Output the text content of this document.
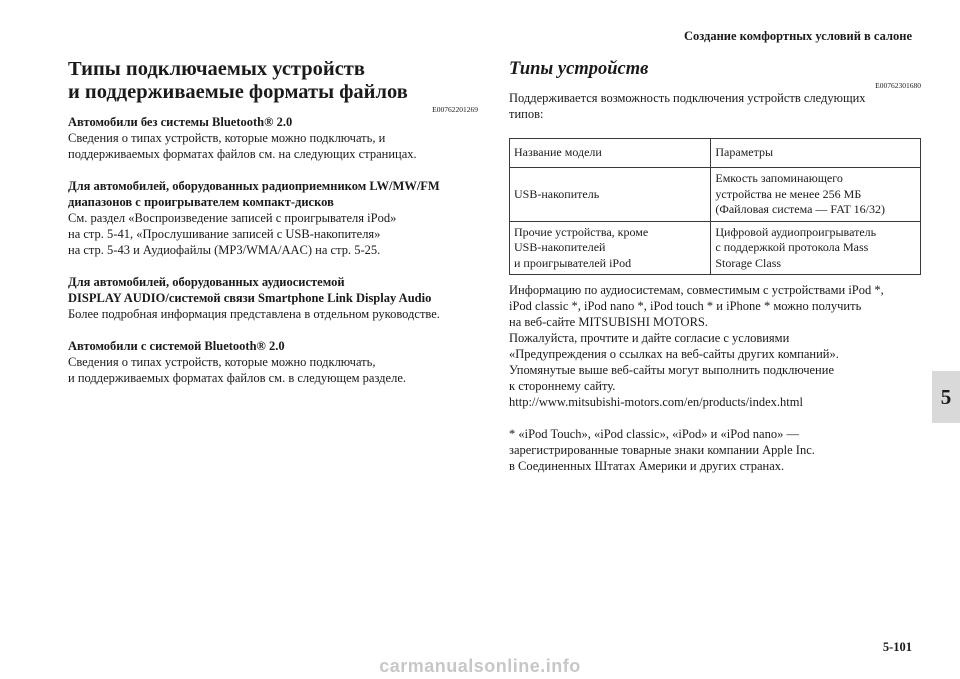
Создание комфортных условий в салоне
5
Типы подключаемых устройств
и поддерживаемые форматы файлов
E00762201269
Автомобили без системы Bluetooth® 2.0
Сведения о типах устройств, которые можно подключать, и
поддерживаемых форматах файлов см. на следующих страницах.
Для автомобилей, оборудованных радиоприемником LW/MW/FM
диапазонов с проигрывателем компакт-дисков
См. раздел «Воспроизведение записей с проигрывателя iPod»
на стр. 5-41, «Прослушивание записей с USB-накопителя»
на стр. 5-43 и Аудиофайлы (MP3/WMA/AAC) на стр. 5-25.
Для автомобилей, оборудованных аудиосистемой
DISPLAY AUDIO/системой связи Smartphone Link Display Audio
Более подробная информация представлена в отдельном руководстве.
Автомобили с системой Bluetooth® 2.0
Сведения о типах устройств, которые можно подключать,
и поддерживаемых форматах файлов см. в следующем разделе.
Типы устройств
E00762301680
Поддерживается возможность подключения устройств следующих
типов:
Название модели	Параметры
USB-накопитель	Емкость запоминающего
устройства не менее 256 МБ
(Файловая система — FAT 16/32)
Прочие устройства, кроме
USB-накопителей
и проигрывателей iPod	Цифровой аудиопроигрыватель
с поддержкой протокола Mass
Storage Class
Информацию по аудиосистемам, совместимым с устройствами iPod *,
iPod classic *, iPod nano *, iPod touch * и iPhone * можно получить
на веб-сайте MITSUBISHI MOTORS.
Пожалуйста, прочтите и дайте согласие с условиями
«Предупреждения о ссылках на веб-сайты других компаний».
Упомянутые выше веб-сайты могут выполнить подключение
к стороннему сайту.
http://www.mitsubishi-motors.com/en/products/index.html
* «iPod Touch», «iPod classic», «iPod» и «iPod nano» —
зарегистрированные товарные знаки компании Apple Inc.
в Соединенных Штатах Америки и других странах.
5-101
carmanualsonline.info
